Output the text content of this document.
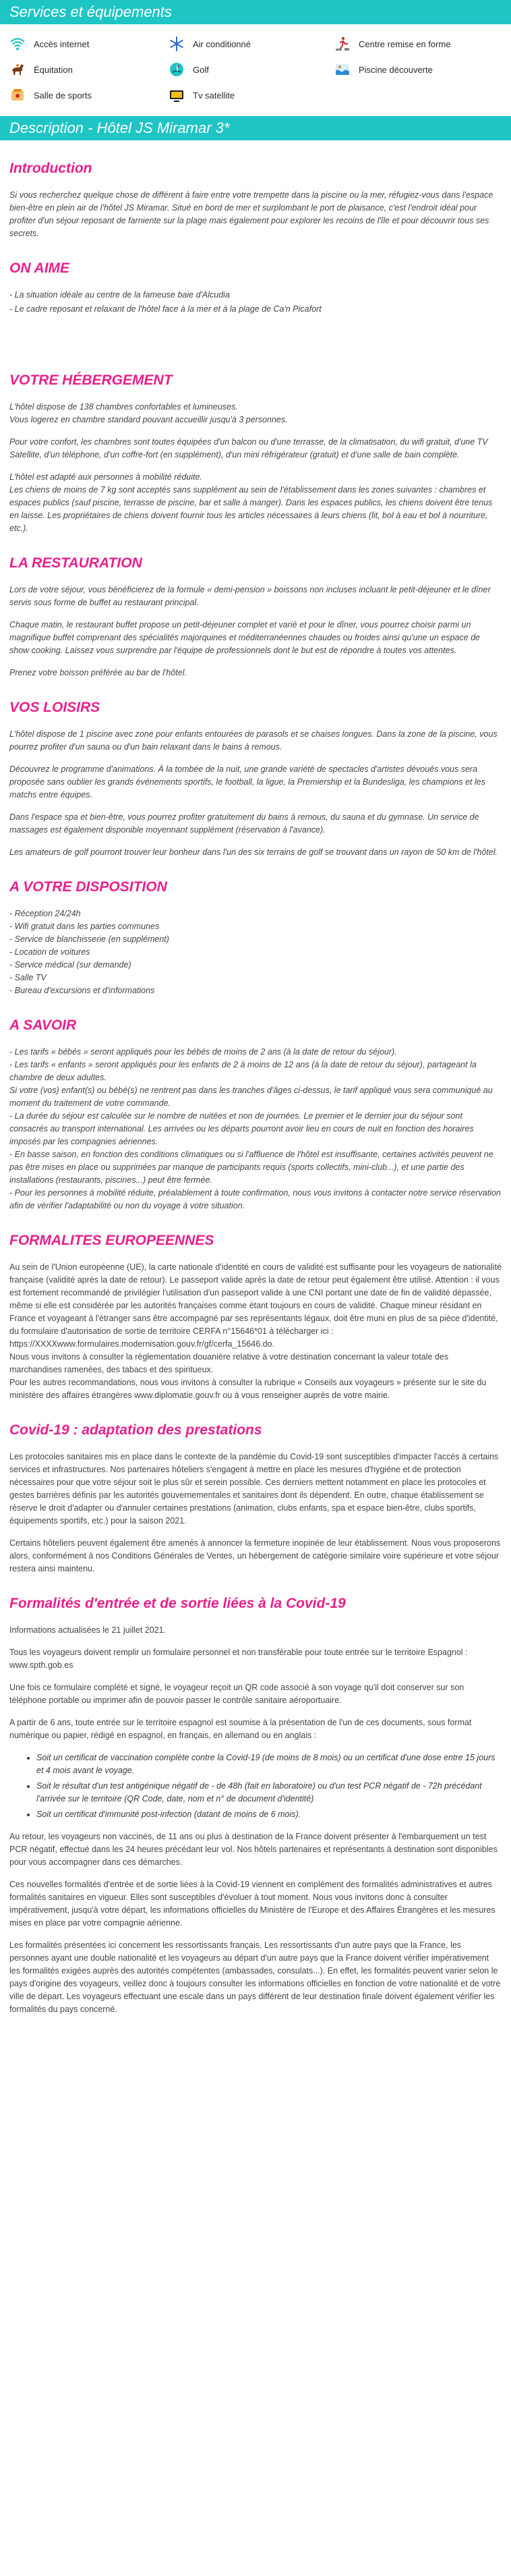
Services et équipements
Accès internet	Air conditionné	Centre remise en forme
Équitation	Golf	Piscine découverte
Salle de sports	Tv satellite
Description - Hôtel JS Miramar 3*
Introduction

Si vous recherchez quelque chose de différent à faire entre votre trempette dans la piscine ou la mer, réfugiez-vous dans l'espace bien-être en plein air de l'hôtel JS Miramar. Situé en bord de mer et surplombant le port de plaisance, c'est l'endroit idéal pour profiter d'un séjour reposant de farniente sur la plage mais également pour explorer les recoins de l'île et pour découvrir tous ses secrets.

ON AIME

- La situation idéale au centre de la fameuse baie d'Alcudia

- Le cadre reposant et relaxant de l'hôtel face à la mer et à la plage de Ca'n Picafort

VOTRE HÉBERGEMENT

L'hôtel dispose de 138 chambres confortables et lumineuses.
Vous logerez en chambre standard pouvant accueillir jusqu'à 3 personnes.

Pour votre confort, les chambres sont toutes équipées d'un balcon ou d'une terrasse, de la climatisation, du wifi gratuit, d'une TV Satellite, d'un téléphone, d'un coffre-fort (en supplément), d'un mini réfrigérateur (gratuit) et d'une salle de bain complète.

L'hôtel est adapté aux personnes à mobilité réduite.
Les chiens de moins de 7 kg sont acceptés sans supplément au sein de l'établissement dans les zones suivantes : chambres et espaces publics (sauf piscine, terrasse de piscine, bar et salle à manger). Dans les espaces publics, les chiens doivent être tenus en laisse. Les propriétaires de chiens doivent fournir tous les articles nécessaires à leurs chiens (lit, bol à eau et bol à nourriture, etc.).

LA RESTAURATION

Lors de votre séjour, vous bénéficierez de la formule « demi-pension » boissons non incluses incluant le petit-déjeuner et le dîner servis sous forme de buffet au restaurant principal.

Chaque matin, le restaurant buffet propose un petit-déjeuner complet et varié et pour le dîner, vous pourrez choisir parmi un magnifique buffet comprenant des spécialités majorquines et méditerranéennes chaudes ou froides ainsi qu'une un espace de show cooking. Laissez vous surprendre par l'équipe de professionnels dont le but est de répondre à toutes vos attentes.

Prenez votre boisson préférée au bar de l'hôtel.

VOS LOISIRS

L'hôtel dispose de 1 piscine avec zone pour enfants entourées de parasols et se chaises longues. Dans la zone de la piscine, vous pourrez profiter d'un sauna ou d'un bain relaxant dans le bains à remous.

Découvrez le programme d'animations. À la tombée de la nuit, une grande variété de spectacles d'artistes dévoués vous sera proposée sans oublier les grands événements sportifs, le football, la ligue, la Premiership et la Bundesliga, les champions et les matchs entre équipes.

Dans l'espace spa et bien-être, vous pourrez profiter gratuitement du bains à remous, du sauna et du gymnase. Un service de massages est également disponible moyennant supplément (réservation à l'avance).

Les amateurs de golf pourront trouver leur bonheur dans l'un des six terrains de golf se trouvant dans un rayon de 50 km de l'hôtel.

A VOTRE DISPOSITION

- Réception 24/24h
- Wifi gratuit dans les parties communes
- Service de blanchisserie (en supplément)
- Location de voitures
- Service médical (sur demande)
- Salle TV
- Bureau d'excursions et d'informations

A SAVOIR

- Les tarifs « bébés » seront appliqués pour les bébés de moins de 2 ans (à la date de retour du séjour).
- Les tarifs « enfants » seront appliqués pour les enfants de 2 à moins de 12 ans (à la date de retour du séjour), partageant la chambre de deux adultes.
Si votre (vos) enfant(s) ou bébé(s) ne rentrent pas dans les tranches d'âges ci-dessus, le tarif appliqué vous sera communiqué au moment du traitement de votre commande.
- La durée du séjour est calculée sur le nombre de nuitées et non de journées. Le premier et le dernier jour du séjour sont consacrés au transport international. Les arrivées ou les départs pourront avoir lieu en cours de nuit en fonction des horaires imposés par les compagnies aériennes.
- En basse saison, en fonction des conditions climatiques ou si l'affluence de l'hôtel est insuffisante, certaines activités peuvent ne pas être mises en place ou supprimées par manque de participants requis (sports collectifs, mini-club...), et une partie des installations (restaurants, piscines...) peut être fermée.
- Pour les personnes à mobilité réduite, préalablement à toute confirmation, nous vous invitons à contacter notre service réservation afin de vérifier l'adaptabilité ou non du voyage à votre situation.

FORMALITES EUROPEENNES

Au sein de l'Union européenne (UE), la carte nationale d'identité en cours de validité est suffisante pour les voyageurs de nationalité française (validité après la date de retour). Le passeport valide après la date de retour peut également être utilisé. Attention : il vous est fortement recommandé de privilégier l'utilisation d'un passeport valide à une CNI portant une date de fin de validité dépassée, même si elle est considérée par les autorités françaises comme étant toujours en cours de validité. Chaque mineur résidant en France et voyageant à l'étranger sans être accompagné par ses représentants légaux, doit être muni en plus de sa pièce d'identité, du formulaire d'autorisation de sortie de territoire CERFA n°15646*01 à télécharger ici : https://XXXXwww.formulaires.modernisation.gouv.fr/gf/cerfa_15646.do.
Nous vous invitons à consulter la réglementation douanière relative à votre destination concernant la valeur totale des marchandises ramenées, des tabacs et des spiritueux.
Pour les autres recommandations, nous vous invitons à consulter la rubrique « Conseils aux voyageurs » présente sur le site du ministère des affaires étrangères www.diplomatie.gouv.fr ou à vous renseigner auprès de votre mairie.

Covid-19 : adaptation des prestations

Les protocoles sanitaires mis en place dans le contexte de la pandémie du Covid-19 sont susceptibles d'impacter l'accès à certains services et infrastructures. Nos partenaires hôteliers s'engagent à mettre en place les mesures d'hygiène et de protection nécessaires pour que votre séjour soit le plus sûr et serein possible. Ces derniers mettent notamment en place les protocoles et gestes barrières définis par les autorités gouvernementales et sanitaires dont ils dépendent. En outre, chaque établissement se réserve le droit d'adapter ou d'annuler certaines prestations (animation, clubs enfants, spa et espace bien-être, clubs sportifs, équipements sportifs, etc.) pour la saison 2021.

Certains hôteliers peuvent également être amenés à annoncer la fermeture inopinée de leur établissement. Nous vous proposerons alors, conformément à nos Conditions Générales de Ventes, un hébergement de catégorie similaire voire supérieure et votre séjour restera ainsi maintenu.

Formalités d'entrée et de sortie liées à la Covid-19

Informations actualisées le 21 juillet 2021.

Tous les voyageurs doivent remplir un formulaire personnel et non transférable pour toute entrée sur le territoire Espagnol : www.spth.gob.es

Une fois ce formulaire complété et signé, le voyageur reçoit un QR code associé à son voyage qu'il doit conserver sur son téléphone portable ou imprimer afin de pouvoir passer le contrôle sanitaire aéroportuaire.

A partir de 6 ans, toute entrée sur le territoire espagnol est soumise à la présentation de l'un de ces documents, sous format numérique ou papier, rédigé en espagnol, en français, en allemand ou en anglais :

• Soit un certificat de vaccination complète contre la Covid-19 (de moins de 8 mois) ou un certificat d'une dose entre 15 jours et 4 mois avant le voyage.
• Soit le résultat d'un test antigénique négatif de - de 48h (fait en laboratoire) ou d'un test PCR négatif de - 72h précédant l'arrivée sur le territoire (QR Code, date, nom et n° de document d'identité)
• Soit un certificat d'immunité post-infection (datant de moins de 6 mois).

Au retour, les voyageurs non vaccinés, de 11 ans ou plus à destination de la France doivent présenter à l'embarquement un test PCR négatif, effectué dans les 24 heures précédant leur vol. Nos hôtels partenaires et représentants à destination sont disponibles pour vous accompagner dans ces démarches.

Ces nouvelles formalités d'entrée et de sortie liées à la Covid-19 viennent en complément des formalités administratives et autres formalités sanitaires en vigueur. Elles sont susceptibles d'évoluer à tout moment. Nous vous invitons donc à consulter impérativement, jusqu'à votre départ, les informations officielles du Ministère de l'Europe et des Affaires Étrangères et les mesures mises en place par votre compagnie aérienne.

Les formalités présentées ici concernent les ressortissants français. Les ressortissants d'un autre pays que la France, les personnes ayant une double nationalité et les voyageurs au départ d'un autre pays que la France doivent vérifier impérativement les formalités exigées auprès des autorités compétentes (ambassades, consulats...). En effet, les formalités peuvent varier selon le pays d'origine des voyageurs, veillez donc à toujours consulter les informations officielles en fonction de votre nationalité et de votre ville de départ. Les voyageurs effectuant une escale dans un pays différent de leur destination finale doivent également vérifier les formalités du pays concerné.
